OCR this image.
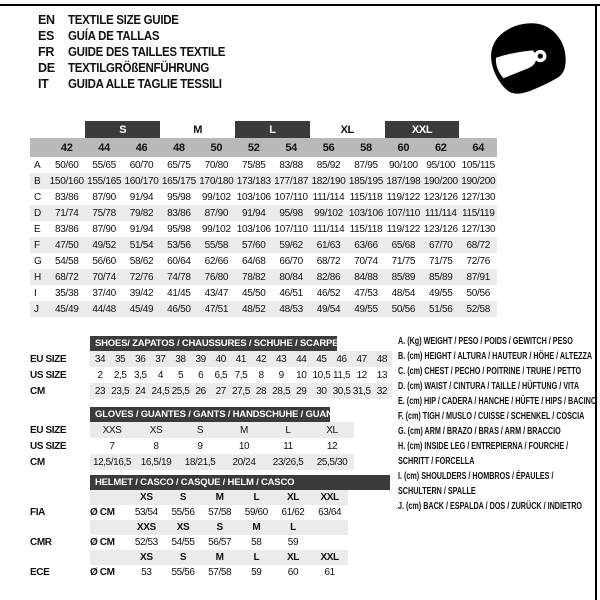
EN	TEXTILE SIZE GUIDE
ES	GUÍA DE TALLAS
FR	GUIDE DES TAILLES TEXTILE
DE	TEXTILGRÖßENFÜHRUNG
IT	GUIDA ALLE TAGLIE TESSILI
		S		M		L		XL		XXL		
	42	44	46	48	50	52	54	56	58	60	62	64
A	50/60	55/65	60/70	65/75	70/80	75/85	83/88	85/92	87/95	90/100	95/100	105/115
B	150/160	155/165	160/170	165/175	170/180	173/183	177/187	182/190	185/195	187/198	190/200	190/200
C	83/86	87/90	91/94	95/98	99/102	103/106	107/110	111/114	115/118	119/122	123/126	127/130
D	71/74	75/78	79/82	83/86	87/90	91/94	95/98	99/102	103/106	107/110	111/114	115/119
E	83/86	87/90	91/94	95/98	99/102	103/106	107/110	111/114	115/118	119/122	123/126	127/130
F	47/50	49/52	51/54	53/56	55/58	57/60	59/62	61/63	63/66	65/68	67/70	68/72
G	54/58	56/60	58/62	60/64	62/66	64/68	66/70	68/72	70/74	71/75	71/75	72/76
H	68/72	70/74	72/76	74/78	76/80	78/82	80/84	82/86	84/88	85/89	85/89	87/91
I	35/38	37/40	39/42	41/45	43/47	45/50	46/51	46/52	47/53	48/54	49/55	50/56
J	45/49	44/48	45/49	46/50	47/51	48/52	48/53	49/54	49/55	50/56	51/56	52/58
SHOES/ ZAPATOS / CHAUSSURES / SCHUHE / SCARPE
EU SIZE	34	35	36	37	38	39	40	41	42	43	44	45	46	47	48
US SIZE	2	2,5	3,5	4	5	6	6,5	7,5	8	9	10	10,5	11,5	12	13
CM	23	23,5	24	24,5	25,5	26	27	27,5	28	28,5	29	30	30,5	31,5	32
GLOVES / GUANTES / GANTS / HANDSCHUHE / GUANTI
EU SIZE	XXS	XS	S	M	L	XL
US SIZE	7	8	9	10	11	12
CM	12,5/16,5	16,5/19	18/21,5	20/24	23/26,5	25,5/30
HELMET / CASCO / CASQUE / HELM / CASCO
		XS	S	M	L	XL	XXL
FIA	Ø CM	53/54	55/56	57/58	59/60	61/62	63/64
		XXS	XS	S	M	L	
CMR	Ø CM	52/53	54/55	56/57	58	59	
		XS	S	M	L	XL	XXL
ECE	Ø CM	53	55/56	57/58	59	60	61
A. (Kg) WEIGHT / PESO / POIDS / GEWITCH / PESO
B. (cm) HEIGHT / ALTURA / HAUTEUR / HÖHE / ALTEZZA
C. (cm) CHEST / PECHO / POITRINE / TRUHE / PETTO
D. (cm) WAIST / CINTURA / TAILLE / HÜFTUNG / VITA
E. (cm) HIP / CADERA / HANCHE / HÜFTE / HIPS / BACINO
F. (cm) TIGH / MUSLO / CUISSE / SCHENKEL / COSCIA
G. (cm) ARM / BRAZO / BRAS / ARM / BRACCIO
H. (cm) INSIDE LEG / ENTREPIERNA / FOURCHE /
SCHRITT / FORCELLA
I. (cm) SHOULDERS / HOMBROS / ÉPAULES /
SCHULTERN / SPALLE
J. (cm) BACK / ESPALDA / DOS / ZURÜCK / INDIETRO
